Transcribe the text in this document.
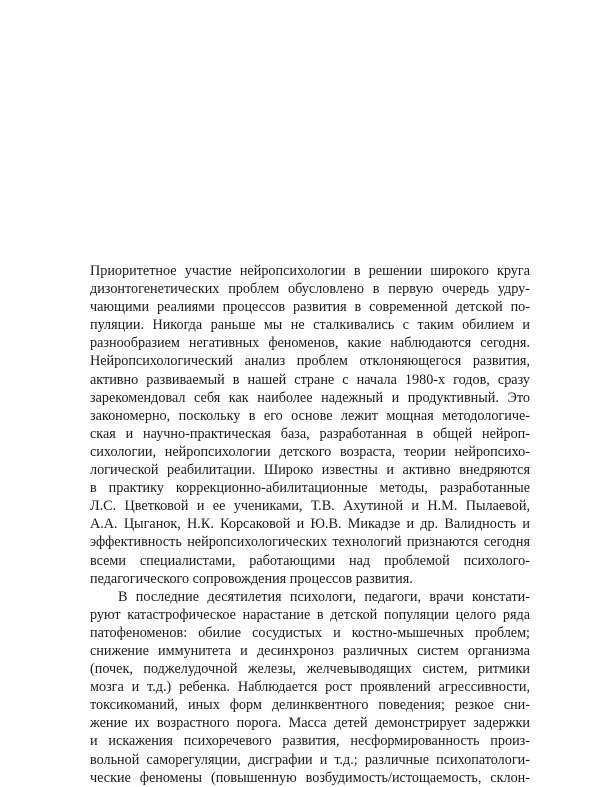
Приоритетное участие нейропсихологии в решении широкого круга
дизонтогенетических проблем обусловлено в первую очередь удру-
чающими реалиями процессов развития в современной детской по-
пуляции. Никогда раньше мы не сталкивались с таким обилием и
разнообразием негативных феноменов, какие наблюдаются сегодня.
Нейропсихологический анализ проблем отклоняющегося развития,
активно развиваемый в нашей стране с начала 1980-х годов, сразу
зарекомендовал себя как наиболее надежный и продуктивный. Это
закономерно, поскольку в его основе лежит мощная методологиче-
ская и научно-практическая база, разработанная в общей нейроп-
сихологии, нейропсихологии детского возраста, теории нейропсихо-
логической реабилитации. Широко известны и активно внедряются
в практику коррекционно-абилитационные методы, разработанные
Л.С. Цветковой и ее учениками, Т.В. Ахутиной и Н.М. Пылаевой,
А.А. Цыганок, Н.К. Корсаковой и Ю.В. Микадзе и др. Валидность и
эффективность нейропсихологических технологий признаются сегодня
всеми специалистами, работающими над проблемой психолого-
педагогического сопровождения процессов развития.
В последние десятилетия психологи, педагоги, врачи констати-
руют катастрофическое нарастание в детской популяции целого ряда
патофеноменов: обилие сосудистых и костно-мышечных проблем;
снижение иммунитета и десинхроноз различных систем организма
(почек, поджелудочной железы, желчевыводящих систем, ритмики
мозга и т.д.) ребенка. Наблюдается рост проявлений агрессивности,
токсикоманий, иных форм делинквентного поведения; резкое сни-
жение их возрастного порога. Масса детей демонстрирует задержки
и искажения психоречевого развития, несформированность произ-
вольной саморегуляции, дисграфии и т.д.; различные психопатологи-
ческие феномены (повышенную возбудимость/истощаемость, склон-
